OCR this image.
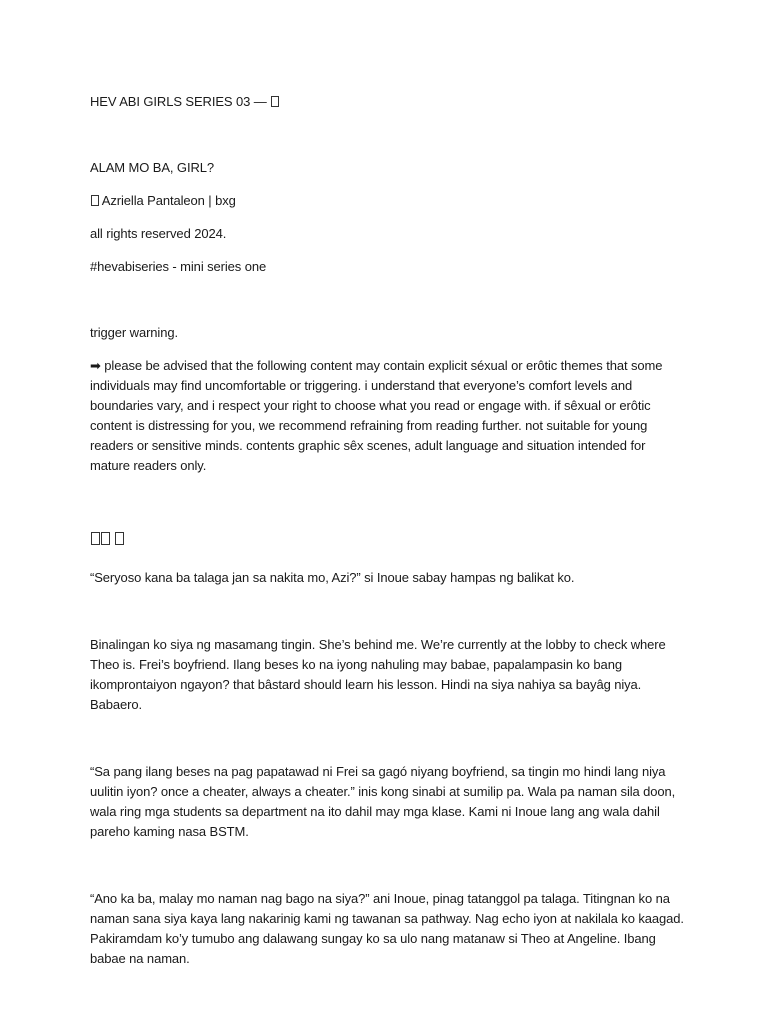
HEV ABI GIRLS SERIES 03 —

ALAM MO BA, GIRL?

Azriella Pantaleon | bxg

all rights reserved 2024.

#hevabiseries - mini series one

trigger warning.

➡ please be advised that the following content may contain explicit séxual or erôtic themes that some individuals may find uncomfortable or triggering. i understand that everyone’s comfort levels and boundaries vary, and i respect your right to choose what you read or engage with. if sêxual or erôtic content is distressing for you, we recommend refraining from reading further. not suitable for young readers or sensitive minds. contents graphic sêx scenes, adult language and situation intended for mature readers only.

“Seryoso kana ba talaga jan sa nakita mo, Azi?” si Inoue sabay hampas ng balikat ko.

Binalingan ko siya ng masamang tingin. She’s behind me. We’re currently at the lobby to check where Theo is. Frei’s boyfriend. Ilang beses ko na iyong nahuling may babae, papalampasin ko bang ikomprontaiyon ngayon? that bâstard should learn his lesson. Hindi na siya nahiya sa bayâg niya. Babaero.

“Sa pang ilang beses na pag papatawad ni Frei sa gagó niyang boyfriend, sa tingin mo hindi lang niya uulitin iyon? once a cheater, always a cheater.” inis kong sinabi at sumilip pa. Wala pa naman sila doon, wala ring mga students sa department na ito dahil may mga klase. Kami ni Inoue lang ang wala dahil pareho kaming nasa BSTM.

“Ano ka ba, malay mo naman nag bago na siya?” ani Inoue, pinag tatanggol pa talaga. Titingnan ko na naman sana siya kaya lang nakarinig kami ng tawanan sa pathway. Nag echo iyon at nakilala ko kaagad. Pakiramdam ko’y tumubo ang dalawang sungay ko sa ulo nang matanaw si Theo at Angeline. Ibang babae na naman.
